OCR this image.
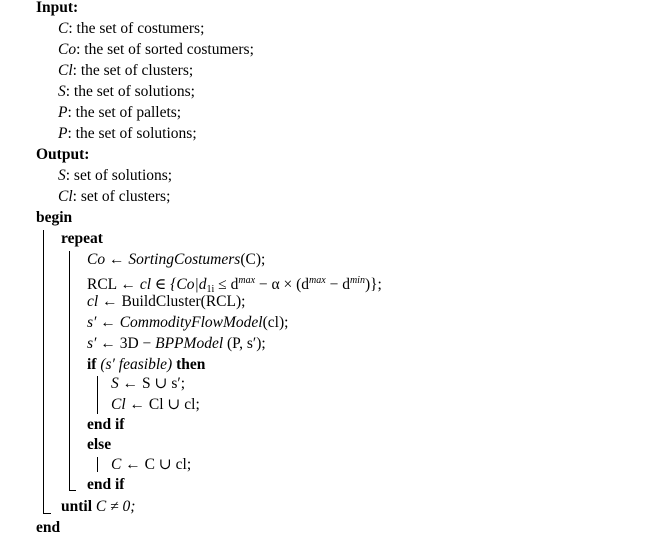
Input:
C: the set of costumers;
Co: the set of sorted costumers;
Cl: the set of clusters;
S: the set of solutions;
P: the set of pallets;
P: the set of solutions;
Output:
S: set of solutions;
Cl: set of clusters;
begin
repeat
Co ← SortingCostumers(C);
RCL ← cl ∈ $\{Co|d_{1i} \le d^{max} - \alpha \times (d^{max} - d^{min})\}$;
cl ← BuildCluster(RCL);
s′ ← CommodityFlowModel(cl);
s′ ← 3D − BPPModel (P, s′);
if (s′ feasible) then
S ← S ∪ s′;
Cl ← Cl ∪ cl;
end if
else
C ← C ∪ cl;
end if
until C ≠ 0;
end
